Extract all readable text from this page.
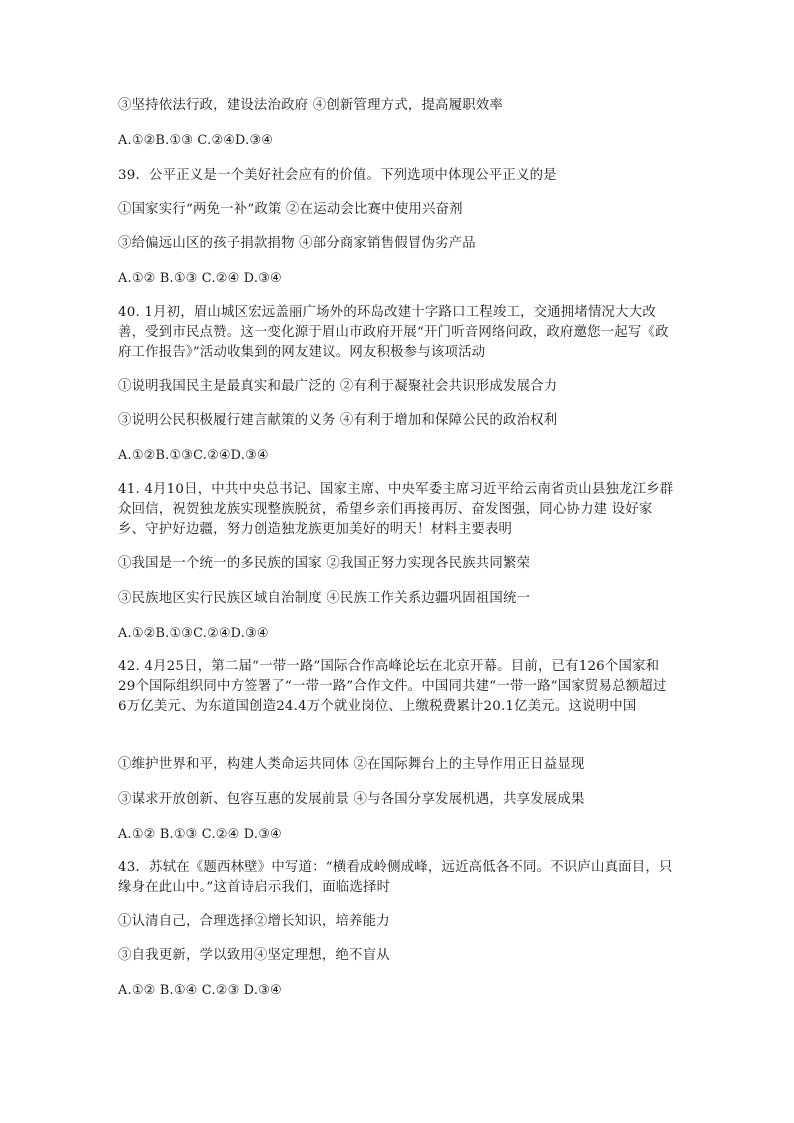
③坚持依法行政，建设法治政府 ④创新管理方式，提高履职效率
A.①②B.①③ C.②④D.③④
39．公平正义是一个美好社会应有的价值。下列选项中体现公平正义的是
①国家实行“两免一补”政策 ②在运动会比赛中使用兴奋剂
③给偏远山区的孩子捐款捐物 ④部分商家销售假冒伪劣产品
A.①② B.①③ C.②④ D.③④
40. 1月初，眉山城区宏远盖丽广场外的环岛改建十字路口工程竣工，交通拥堵情况大大改善，受到市民点赞。这一变化源于眉山市政府开展“开门听音网络问政，政府邀您一起写《政府工作报告》”活动收集到的网友建议。网友积极参与该项活动
①说明我国民主是最真实和最广泛的 ②有利于凝聚社会共识形成发展合力
③说明公民积极履行建言献策的义务 ④有利于增加和保障公民的政治权利
A.①②B.①③C.②④D.③④
41. 4月10日，中共中央总书记、国家主席、中央军委主席习近平给云南省贡山县独龙江乡群众回信，祝贺独龙族实现整族脱贫，希望乡亲们再接再厉、奋发图强，同心协力建 设好家乡、守护好边疆，努力创造独龙族更加美好的明天！材料主要表明
①我国是一个统一的多民族的国家 ②我国正努力实现各民族共同繁荣
③民族地区实行民族区域自治制度 ④民族工作关系边疆巩固祖国统一
A.①②B.①③C.②④D.③④
42. 4月25日，第二届“一带一路”国际合作高峰论坛在北京开幕。目前，已有126个国家和29个国际组织同中方签署了“一带一路”合作文件。中国同共建“一带一路”国家贸易总额超过6万亿美元、为东道国创造24.4万个就业岗位、上缴税费累计20.1亿美元。这说明中国
①维护世界和平，构建人类命运共同体 ②在国际舞台上的主导作用正日益显现
③谋求开放创新、包容互惠的发展前景 ④与各国分享发展机遇，共享发展成果
A.①② B.①③ C.②④ D.③④
43．苏轼在《题西林壁》中写道：“横看成岭侧成峰，远近高低各不同。不识庐山真面目，只缘身在此山中。”这首诗启示我们，面临选择时
①认清自己，合理选择②增长知识，培养能力
③自我更新，学以致用④坚定理想，绝不盲从
A.①② B.①④ C.②③ D.③④
